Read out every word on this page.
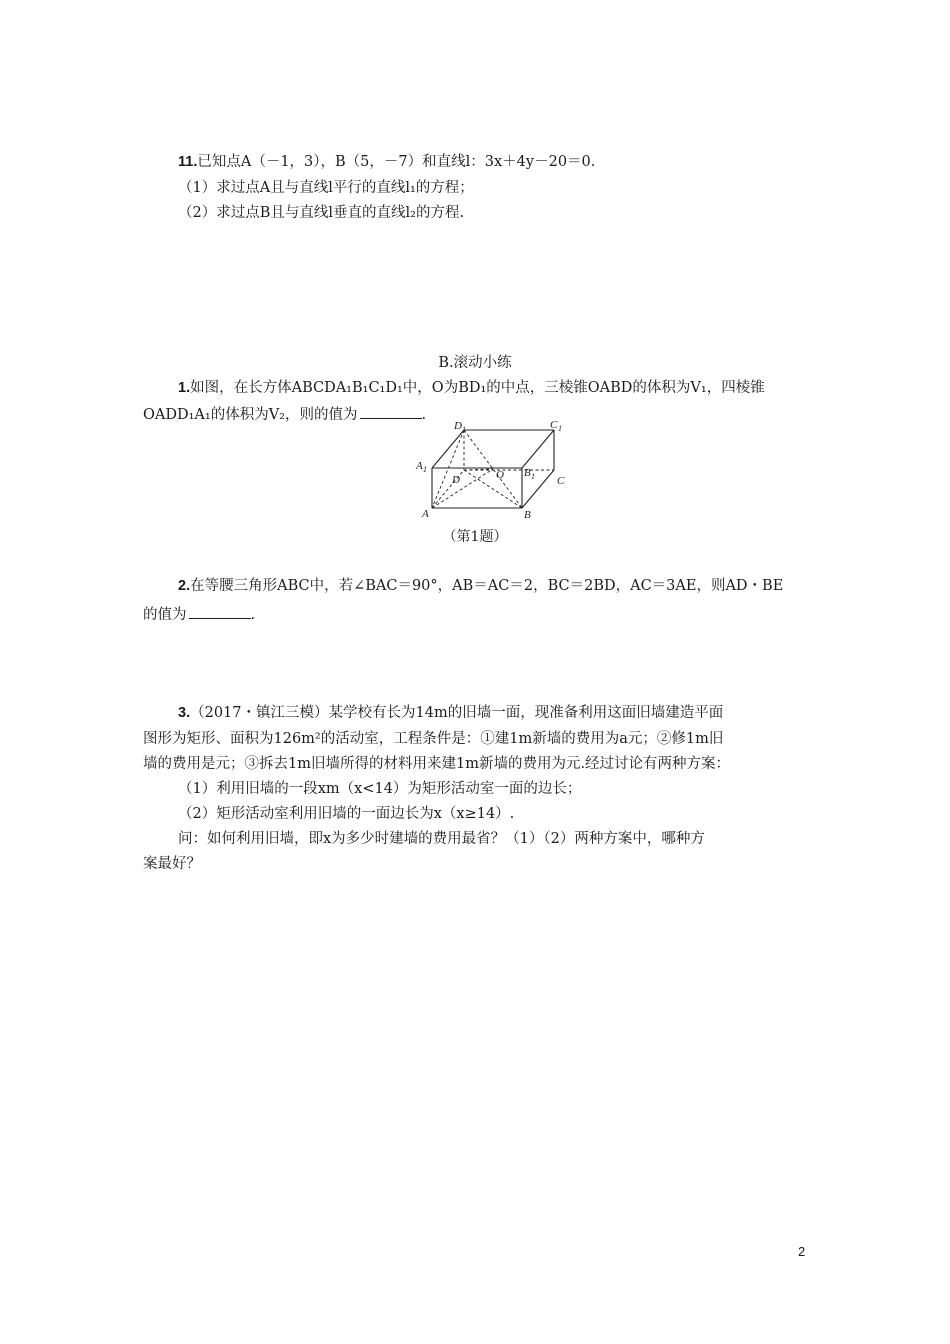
11.已知点A（－1，3），B（5，－7）和直线l：3x＋4y－20＝0.
（1）求过点A且与直线l平行的直线l₁的方程；
（2）求过点B且与直线l垂直的直线l₂的方程.
B.滚动小练
1.如图，在长方体ABCDA₁B₁C₁D₁中，O为BD₁的中点，三棱锥OABD的体积为V₁，四棱锥
OADD₁A₁的体积为V₂，则的值为	.
D 1	C 1
A 1	B 1
D	O	C
A	B
（第1题）
2.在等腰三角形ABC中，若∠BAC＝90°，AB＝AC＝2，BC＝2BD，AC＝3AE，则AD・BE
的值为	.
3.（2017・镇江三模）某学校有长为14m的旧墙一面，现准备利用这面旧墙建造平面
图形为矩形、面积为126m²的活动室，工程条件是：①建1m新墙的费用为a元；②修1m旧
墙的费用是元；③拆去1m旧墙所得的材料用来建1m新墙的费用为元.经过讨论有两种方案：
（1）利用旧墙的一段xm（x<14）为矩形活动室一面的边长；
（2）矩形活动室利用旧墙的一面边长为x（x≥14）.
问：如何利用旧墙，即x为多少时建墙的费用最省？（1）（2）两种方案中，哪种方
案最好？
2
